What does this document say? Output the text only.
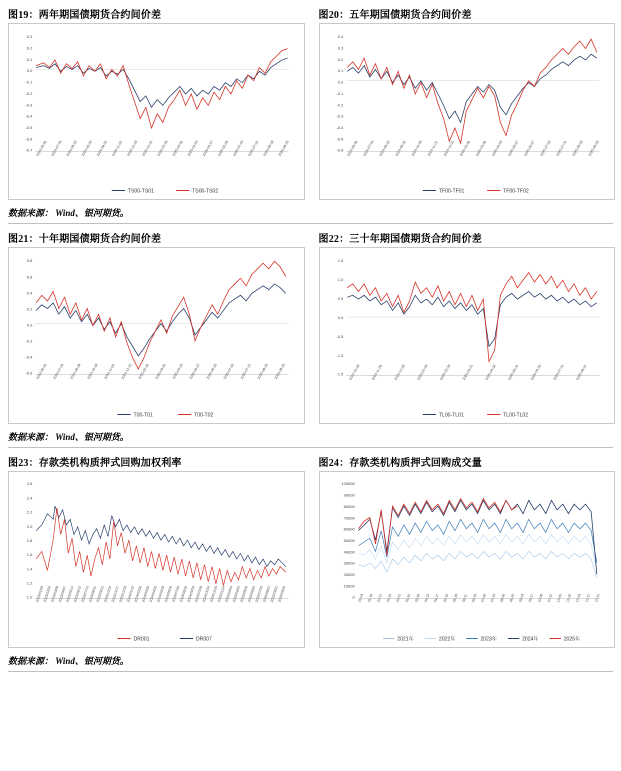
图19：两年期国债期货合约间价差
0.3
0.2
0.1
0.0
-0.1
-0.2
-0.3
-0.4
-0.5
-0.6
-0.7 2024-06-06 2024-07-05 2024-08-02 2024-08-30 2024-09-30 2024-11-05 2024-12-03 2024-12-31 2025-02-05 2025-03-06 2025-04-03 2025-05-07 2025-06-05 2025-07-03 2025-07-31 2025-08-28 2025-09-25
TS00-TS01	TS00-TS02
图20：五年期国债期货合约间价差
0.4
0.3
0.2
0.1
0.0
-0.1
-0.2
-0.3
-0.4
-0.5
-0.6 2024-06-06 2024-07-04 2024-08-02 2024-08-30 2024-10-08 2024-11-01 2024-12-31 2025-02-06 2025-03-06 2025-04-03 2025-05-07 2025-06-07 2025-07-03 2025-07-31 2025-08-28 2025-09-25
TF00-TF01	TF00-TF02
数据来源： Wind、银河期货。
图21：十年期国债期货合约间价差
0.8
0.6
0.4
0.2
0.0
-0.2
-0.4
-0.6 2024-06-06 2024-07-05 2024-08-09 2024-10-08 2024-11-05 2024-12-31 2025-02-06 2025-03-06 2025-04-03 2025-05-07 2025-06-05 2025-07-03 2025-07-31 2025-08-28 2025-09-25
T00-T01	T00-T02
图22：三十年期国债期货合约间价差
1.5
1.0
0.5
0.0
-0.5
-1.0
-1.5 2024-10-29	2024-11-29	2024-12-29	2025-01-29	2025-02-28	2025-03-31	2025-04-30	2025-05-31	2025-06-30	2025-07-31	2025-08-31
TL00-TL01	TL00-TL02
数据来源： Wind、银河期货。
图23：存款类机构质押式回购加权利率
2.6
2.4
2.2
2.0
1.8
1.6
1.4
1.2
1.0 2023/01/06
2023/02/06
2023/03/08
2023/04/07
2023/05/12
2023/06/12
2023/07/12
2023/08/11
2023/09/12
2023/10/19
2023/11/17
2023/12/19
2024/01/19
2024/02/26
2024/03/26
2024/04/25
2024/05/28
2024/06/26
2024/07/26
2024/08/26
2024/09/25
2024/10/28
2024/11/26
2024/12/25
2025/01/24
2025/03/04
2025/04/02
2025/05/06
2025/06/04
2025/07/03
2025/08/01
2025/09/01
2025/09/25
DR001	DR007
图24：存款类机构质押式回购成交量
100000
90000
80000
70000
60000
50000
40000
30000
20000
10000
0 01-04 01-18 02-01 02-15 03-01 03-15 03-29 04-13 04-27 05-15 05-29 06-11 06-25 07-09 07-23 08-06 08-20 09-03 09-17 10-08 10-22 11-05 11-19 12-03 12-17 12-31
2021年	2022年	2023年	2024年	2025年
数据来源： Wind、银河期货。
